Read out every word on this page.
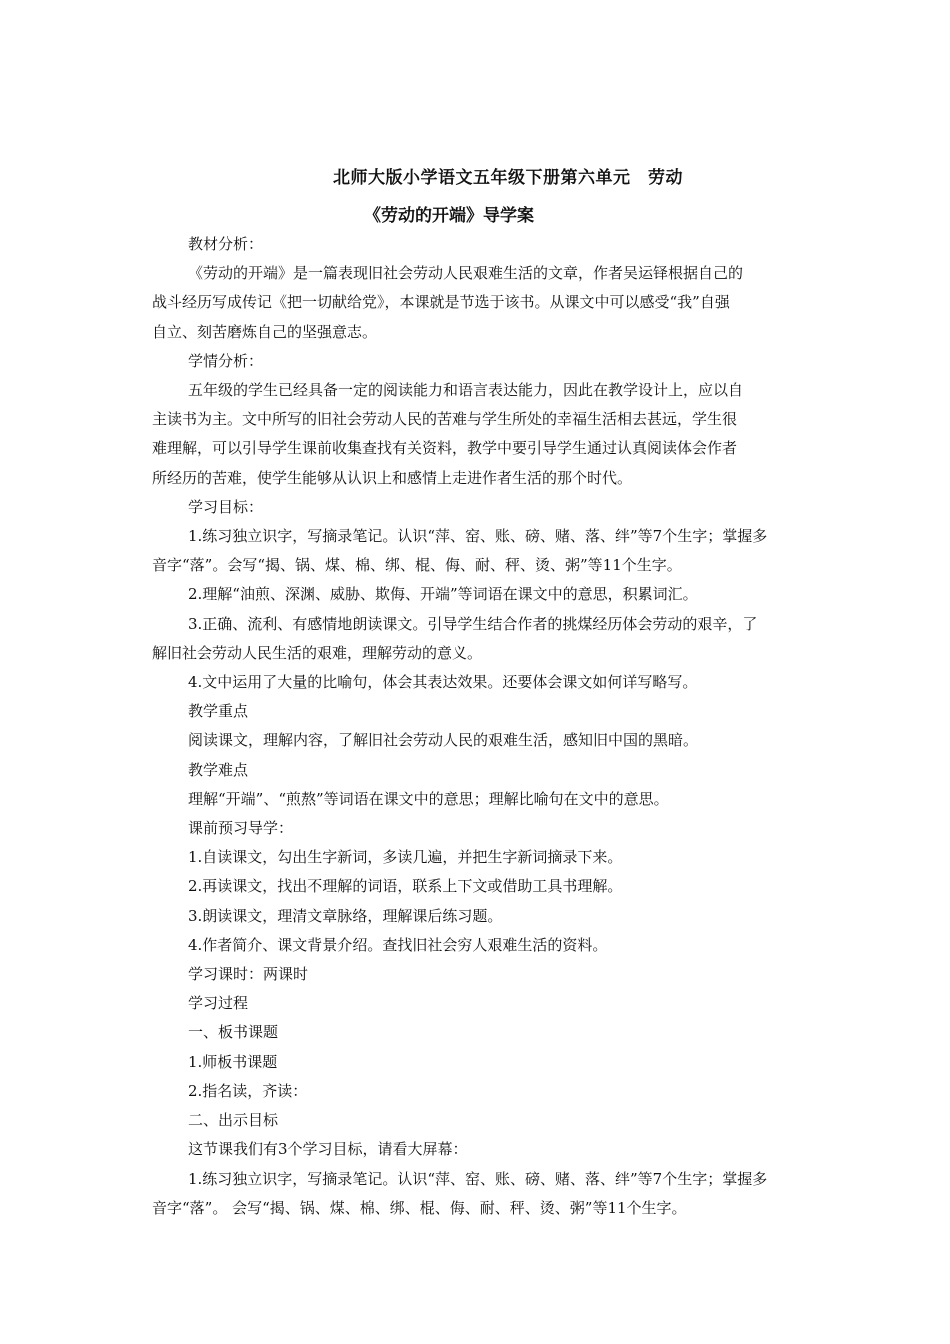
北师大版小学语文五年级下册第六单元　劳动
《劳动的开端》导学案

教材分析：

《劳动的开端》是一篇表现旧社会劳动人民艰难生活的文章，作者吴运铎根据自己的

战斗经历写成传记《把一切献给党》，本课就是节选于该书。从课文中可以感受“我”自强

自立、刻苦磨炼自己的坚强意志。

学情分析：

五年级的学生已经具备一定的阅读能力和语言表达能力，因此在教学设计上，应以自

主读书为主。文中所写的旧社会劳动人民的苦难与学生所处的幸福生活相去甚远，学生很

难理解，可以引导学生课前收集查找有关资料，教学中要引导学生通过认真阅读体会作者

所经历的苦难，使学生能够从认识上和感情上走进作者生活的那个时代。

学习目标：

1.练习独立识字，写摘录笔记。认识“萍、窑、账、磅、赌、落、绊”等7个生字；掌握多

音字“落”。会写“揭、锅、煤、棉、绑、棍、侮、耐、秤、烫、粥”等11个生字。

2.理解“油煎、深渊、威胁、欺侮、开端”等词语在课文中的意思，积累词汇。

3.正确、流利、有感情地朗读课文。引导学生结合作者的挑煤经历体会劳动的艰辛，了

解旧社会劳动人民生活的艰难，理解劳动的意义。

4.文中运用了大量的比喻句，体会其表达效果。还要体会课文如何详写略写。

教学重点

阅读课文，理解内容，了解旧社会劳动人民的艰难生活，感知旧中国的黑暗。

教学难点

理解“开端”、“煎熬”等词语在课文中的意思；理解比喻句在文中的意思。

课前预习导学：

1.自读课文，勾出生字新词，多读几遍，并把生字新词摘录下来。

2.再读课文，找出不理解的词语，联系上下文或借助工具书理解。

3.朗读课文，理清文章脉络，理解课后练习题。

4.作者简介、课文背景介绍。查找旧社会穷人艰难生活的资料。

学习课时：两课时

学习过程

一、板书课题

1.师板书课题

2.指名读，齐读：

二、出示目标

这节课我们有3个学习目标，请看大屏幕：

1.练习独立识字，写摘录笔记。认识“萍、窑、账、磅、赌、落、绊”等7个生字；掌握多

音字“落”。 会写“揭、锅、煤、棉、绑、棍、侮、耐、秤、烫、粥”等11个生字。
